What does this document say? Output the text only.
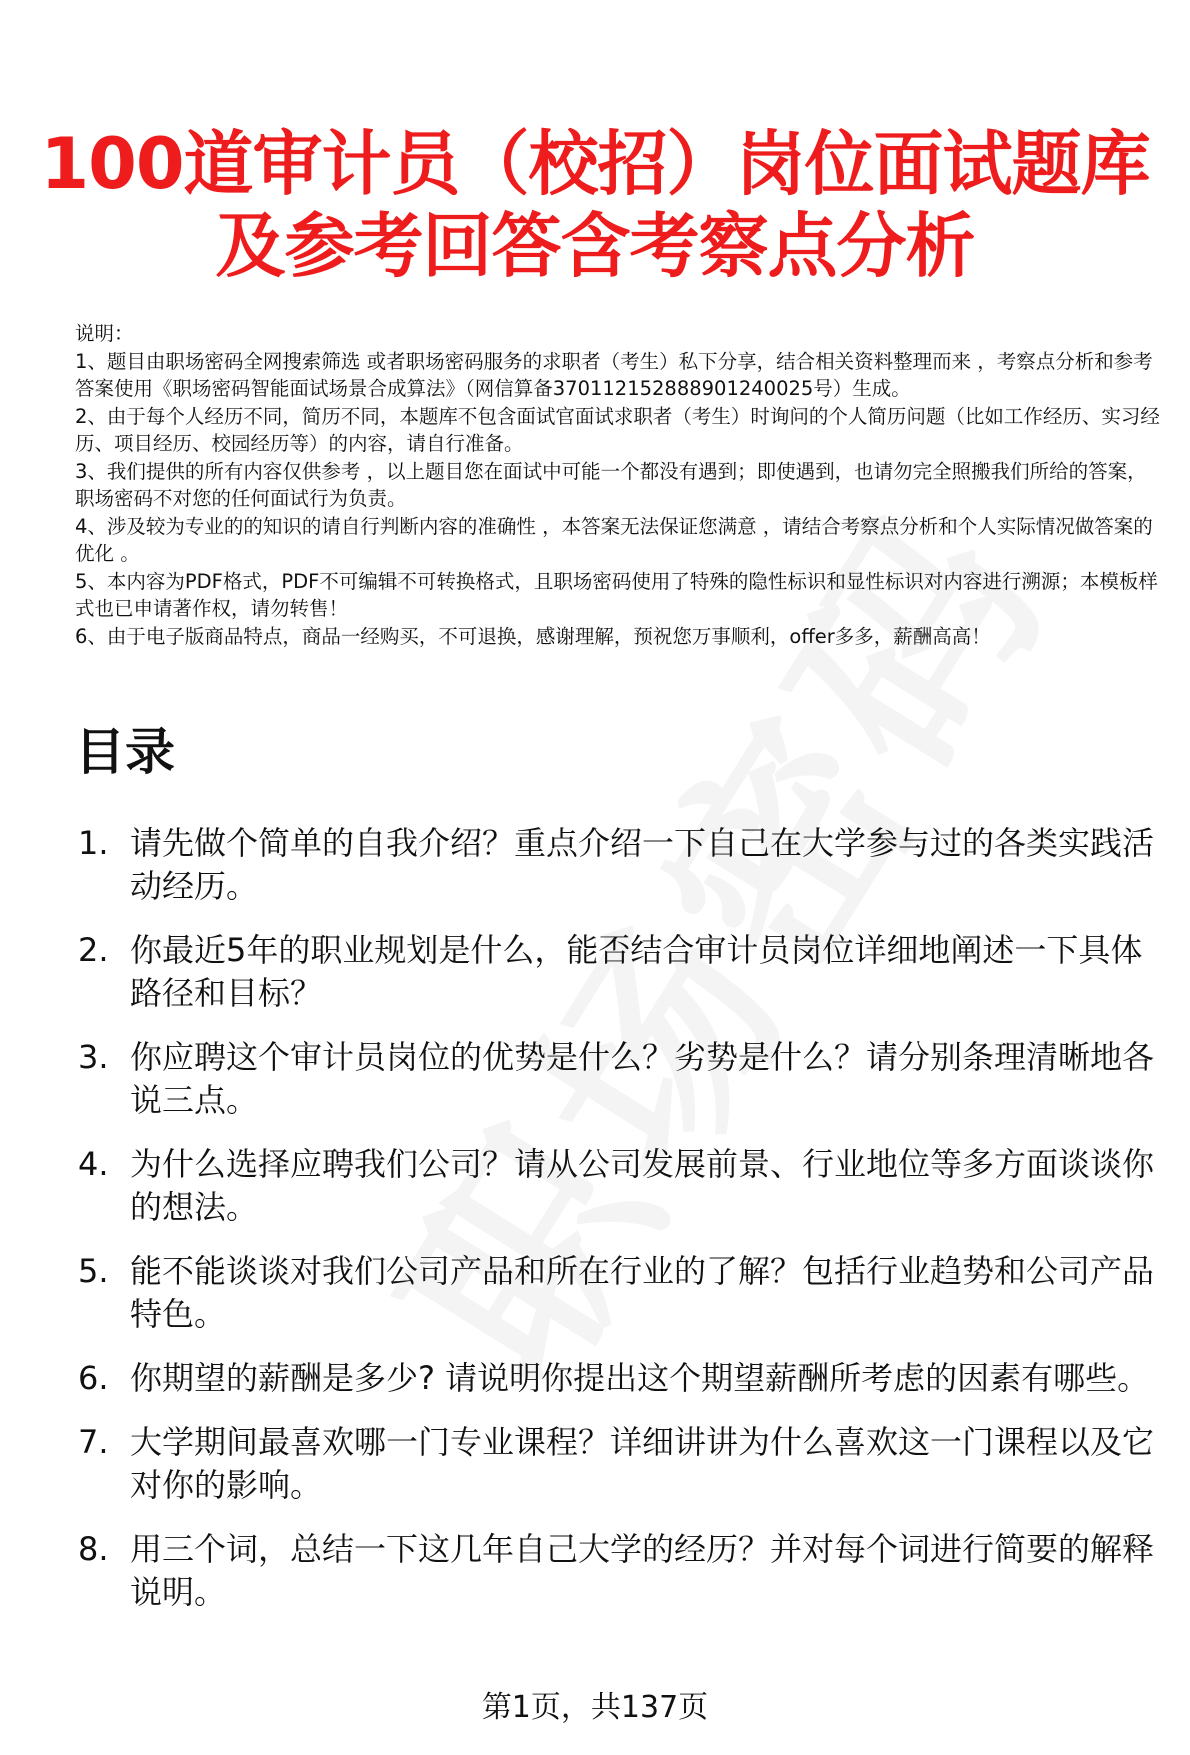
100道审计员（校招）岗位面试题库
及参考回答含考察点分析
说明：
1、题目由职场密码全网搜索筛选 或者职场密码服务的求职者（考生）私下分享，结合相关资料整理而来 ，考察点分析和参考答案使用《职场密码智能面试场景合成算法》（网信算备370112152888901240025号）生成。
2、由于每个人经历不同，简历不同，本题库不包含面试官面试求职者（考生）时询问的个人简历问题（比如工作经历、实习经历、项目经历、校园经历等）的内容，请自行准备。
3、我们提供的所有内容仅供参考 ，以上题目您在面试中可能一个都没有遇到；即使遇到，也请勿完全照搬我们所给的答案，职场密码不对您的任何面试行为负责。
4、涉及较为专业的的知识的请自行判断内容的准确性 ，本答案无法保证您满意 ，请结合考察点分析和个人实际情况做答案的优化 。
5、本内容为PDF格式，PDF不可编辑不可转换格式，且职场密码使用了特殊的隐性标识和显性标识对内容进行溯源；本模板样式也已申请著作权，请勿转售！
6、由于电子版商品特点，商品一经购买，不可退换，感谢理解，预祝您万事顺利，offer多多，薪酬高高！
目录
1. 请先做个简单的自我介绍？重点介绍一下自己在大学参与过的各类实践活动经历。
2. 你最近5年的职业规划是什么，能否结合审计员岗位详细地阐述一下具体路径和目标？
3. 你应聘这个审计员岗位的优势是什么？劣势是什么？请分别条理清晰地各说三点。
4. 为什么选择应聘我们公司？请从公司发展前景、行业地位等多方面谈谈你的想法。
5. 能不能谈谈对我们公司产品和所在行业的了解？包括行业趋势和公司产品特色。
6. 你期望的薪酬是多少? 请说明你提出这个期望薪酬所考虑的因素有哪些。
7. 大学期间最喜欢哪一门专业课程？详细讲讲为什么喜欢这一门课程以及它对你的影响。
8. 用三个词，总结一下这几年自己大学的经历？并对每个词进行简要的解释说明。
第1页，共137页
